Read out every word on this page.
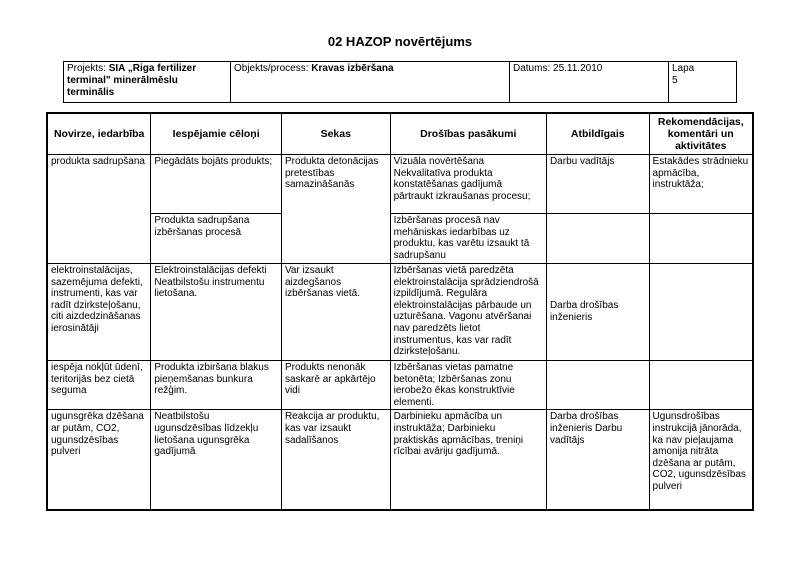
02 HAZOP novērtējums
Projekts: SIA „Riga fertilizer terminal" minerālmēslu terminālis	Objekts/process: Kravas izbēršana	Datums: 25.11.2010	Lapa
5
Novirze, iedarbība	Iespējamie cēloņi	Sekas	Drošības pasākumi	Atbildīgais	Rekomendācijas, komentāri un aktivitātes
produkta sadrupšana	Piegādāts bojāts produkts;	Produkta detonācijas pretestības samazināšanās	Vizuāla novērtēšana Nekvalitatīva produkta konstatēšanas gadījumā pārtraukt izkraušanas procesu;	Darbu vadītājs	Estakādes strādnieku apmācība, instruktāža;
	Produkta sadrupšana izbēršanas procesā		Izbēršanas procesā nav mehāniskas iedarbības uz produktu, kas varētu izsaukt tā sadrupšanu		
elektroinstalācijas, sazemējuma defekti, instrumenti, kas var radīt dzirksteļošanu, citi aizdedzināšanas ierosinātāji	Elektroinstalācijas defekti Neatbilstošu instrumentu lietošana.	Var izsaukt aizdegšanos izbēršanas vietā.	Izbēršanas vietā paredzēta elektroinstalācija sprādziendrošā izpildījumā. Regulāra elektroinstalācijas pārbaude un uzturēšana. Vagonu atvēršanai nav paredzēts lietot instrumentus, kas var radīt dzirksteļošanu.	Darba drošības inženieris	
iespēja nokļūt ūdenī, teritorijās bez cietā seguma	Produkta izbiršana blakus pieņemšanas bunkura režģim.	Produkts nenonāk saskarē ar apkārtējo vidi	Izbēršanas vietas pamatne betonēta; Izbēršanas zonu ierobežo ēkas konstruktīvie elementi.		
ugunsgrēka dzēšana ar putām, CO2, ugunsdzēsības pulveri	Neatbilstošu ugunsdzēsības līdzekļu lietošana ugunsgrēka gadījumā	Reakcija ar produktu, kas var izsaukt sadalīšanos	Darbinieku apmācība un instruktāža; Darbinieku praktiskās apmācības, treniņi rīcībai avāriju gadījumā.	Darba drošības inženieris Darbu vadītājs	Ugunsdrošības instrukcijā jānorāda, ka nav pieļaujama amonija nitrāta dzēšana ar putām, CO2, ugunsdzēsības pulveri
